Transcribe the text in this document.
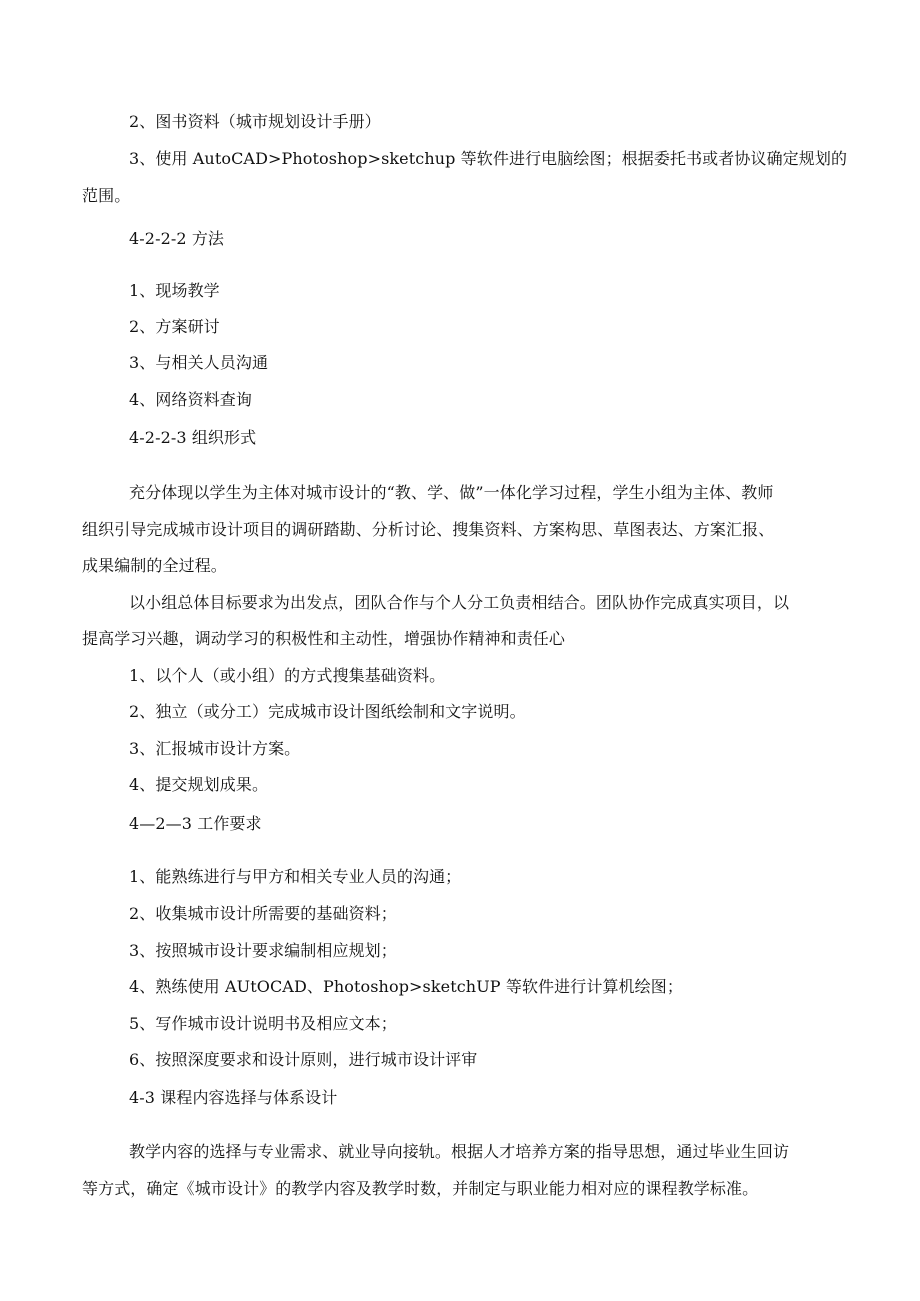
2、图书资料（城市规划设计手册）
3、使用 AutoCAD>Photoshop>sketchup 等软件进行电脑绘图；根据委托书或者协议确定规划的
范围。
4-2-2-2 方法
1、现场教学
2、方案研讨
3、与相关人员沟通
4、网络资料查询
4-2-2-3 组织形式
充分体现以学生为主体对城市设计的“教、学、做”一体化学习过程，学生小组为主体、教师
组织引导完成城市设计项目的调研踏勘、分析讨论、搜集资料、方案构思、草图表达、方案汇报、
成果编制的全过程。
以小组总体目标要求为出发点，团队合作与个人分工负责相结合。团队协作完成真实项目，以
提高学习兴趣，调动学习的积极性和主动性，增强协作精神和责任心
1、以个人（或小组）的方式搜集基础资料。
2、独立（或分工）完成城市设计图纸绘制和文字说明。
3、汇报城市设计方案。
4、提交规划成果。
4—2—3 工作要求
1、能熟练进行与甲方和相关专业人员的沟通；
2、收集城市设计所需要的基础资料；
3、按照城市设计要求编制相应规划；
4、熟练使用 AUtOCAD、Photoshop>sketchUP 等软件进行计算机绘图；
5、写作城市设计说明书及相应文本；
6、按照深度要求和设计原则，进行城市设计评审
4-3 课程内容选择与体系设计
教学内容的选择与专业需求、就业导向接轨。根据人才培养方案的指导思想，通过毕业生回访
等方式，确定《城市设计》的教学内容及教学时数，并制定与职业能力相对应的课程教学标准。
